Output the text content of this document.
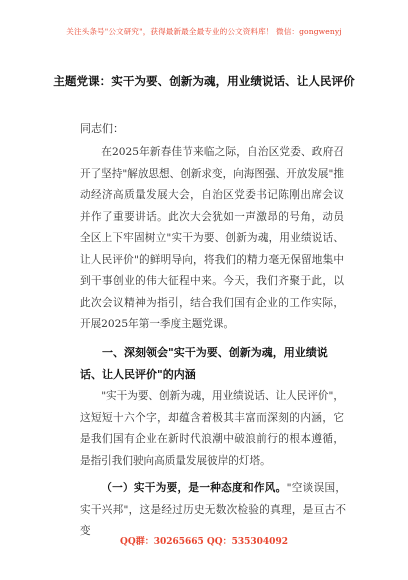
关注头条号"公文研究"，获得最新最全最专业的公文资料库！ 微信：gongwenyj
主题党课：实干为要、创新为魂，用业绩说话、让人民评价
同志们：
在2025年新春佳节来临之际，自治区党委、政府召开了坚持"解放思想、创新求变，向海图强、开放发展"推动经济高质量发展大会，自治区党委书记陈刚出席会议并作了重要讲话。此次大会犹如一声激昂的号角，动员全区上下牢固树立"实干为要、创新为魂，用业绩说话、让人民评价"的鲜明导向，将我们的精力毫无保留地集中到干事创业的伟大征程中来。今天，我们齐聚于此，以此次会议精神为指引，结合我们国有企业的工作实际，开展2025年第一季度主题党课。
一、深刻领会"实干为要、创新为魂，用业绩说话、让人民评价"的内涵
"实干为要、创新为魂，用业绩说话、让人民评价"，这短短十六个字，却蕴含着极其丰富而深刻的内涵，它是我们国有企业在新时代浪潮中破浪前行的根本遵循，是指引我们驶向高质量发展彼岸的灯塔。
（一）实干为要，是一种态度和作风。"空谈误国，实干兴邦"，这是经过历史无数次检验的真理，是亘古不变
QQ群：30265665 QQ：535304092
